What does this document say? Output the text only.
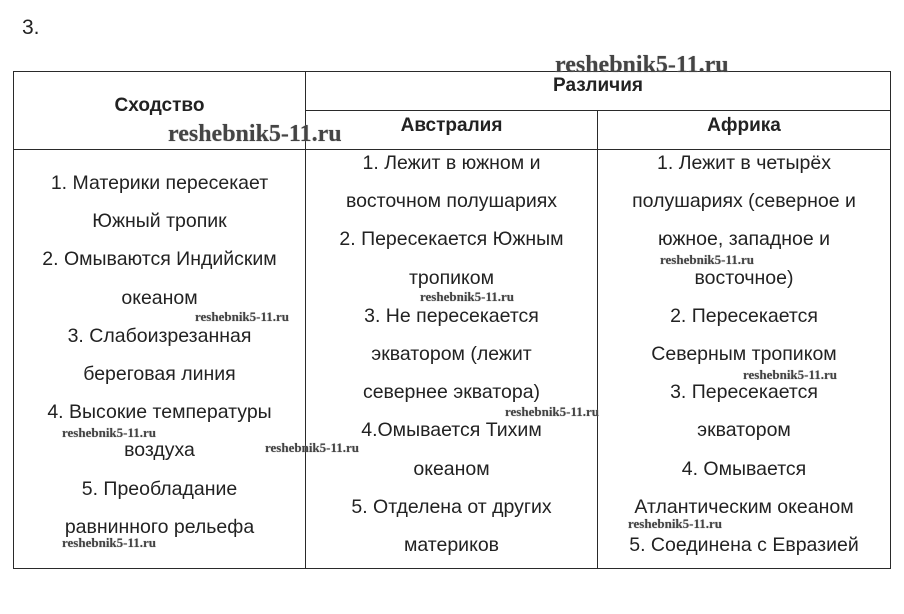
3.
Сходство
Различия
Австралия	Африка
1. Материки пересекает
Южный тропик
2. Омываются Индийским
океаном
3. Слабоизрезанная
береговая линия
4. Высокие температуры
воздуха
5. Преобладание
равнинного рельефа
1. Лежит в южном и
восточном полушариях
2. Пересекается Южным
тропиком
3. Не пересекается
экватором (лежит
севернее экватора)
4.Омывается Тихим
океаном
5. Отделена от других
материков
1. Лежит в четырёх
полушариях (северное и
южное, западное и
восточное)
2. Пересекается
Северным тропиком
3. Пересекается
экватором
4. Омывается
Атлантическим океаном
5. Соединена с Евразией
reshebnik5-11.ru
reshebnik5-11.ru
reshebnik5-11.ru
reshebnik5-11.ru
reshebnik5-11.ru
reshebnik5-11.ru
reshebnik5-11.ru
reshebnik5-11.ru
reshebnik5-11.ru
reshebnik5-11.ru
reshebnik5-11.ru
